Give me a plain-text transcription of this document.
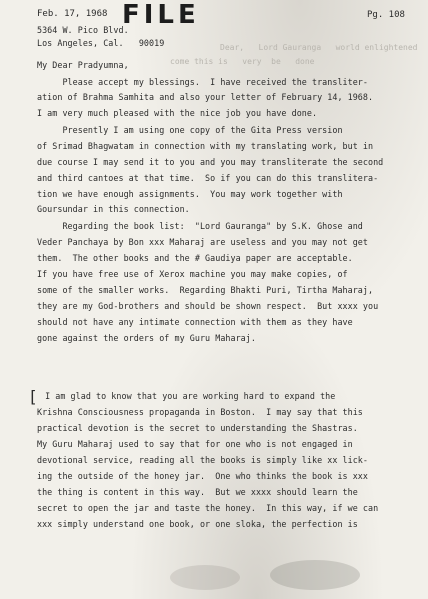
Feb. 17, 1968 FILE	Pg. 108
5364 W. Pico Blvd.
Los Angeles, Cal.   90019	Dear,   Lord Gauranga   world enlightened
come this is   very  be   done
My Dear Pradyumna,
Please accept my blessings.  I have received the transliter-
ation of Brahma Samhita and also your letter of February 14, 1968.
I am very much pleased with the nice job you have done.
Presently I am using one copy of the Gita Press version
of Srimad Bhagwatam in connection with my translating work, but in
due course I may send it to you and you may transliterate the second
and third cantoes at that time.  So if you can do this translitera-
tion we have enough assignments.  You may work together with
Goursundar in this connection.
Regarding the book list:  "Lord Gauranga" by S.K. Ghose and
Veder Panchaya by Bon xxx Maharaj are useless and you may not get
them.  The other books and the # Gaudiya paper are acceptable.
If you have free use of Xerox machine you may make copies, of
some of the smaller works.  Regarding Bhakti Puri, Tirtha Maharaj,
they are my God-brothers and should be shown respect.  But xxxx you
should not have any intimate connection with them as they have
gone against the orders of my Guru Maharaj.
I am glad to know that you are working hard to expand the
Krishna Consciousness propaganda in Boston.  I may say that this
practical devotion is the secret to understanding the Shastras.
My Guru Maharaj used to say that for one who is not engaged in
devotional service, reading all the books is simply like xx lick-
ing the outside of the honey jar.  One who thinks the book is xxx
the thing is content in this way.  But we xxxx should learn the
secret to open the jar and taste the honey.  In this way, if we can
xxx simply understand one book, or one sloka, the perfection is
[
